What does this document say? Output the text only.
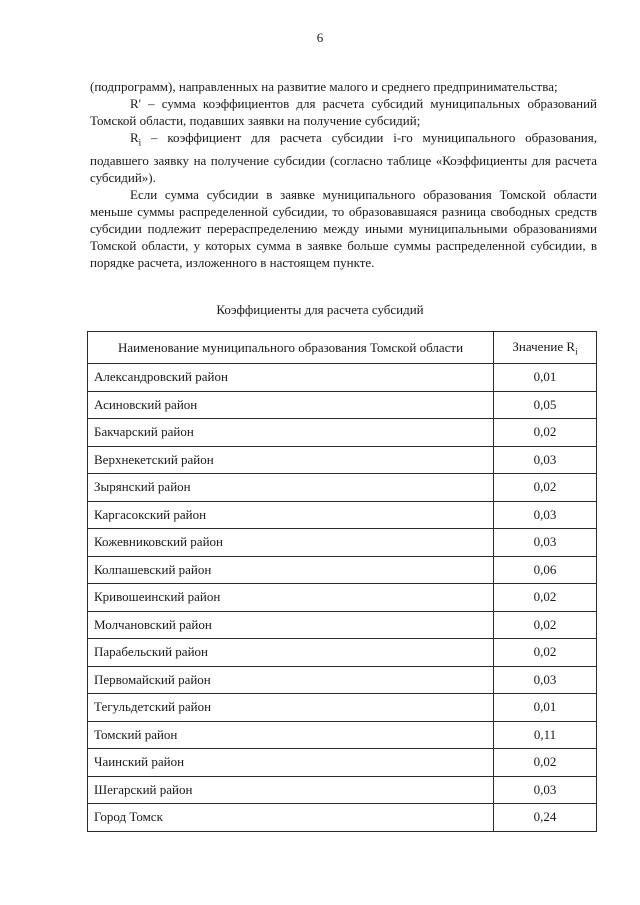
6

(подпрограмм), направленных на развитие малого и среднего предпринимательства;

R' – сумма коэффициентов для расчета субсидий муниципальных образований Томской области, подавших заявки на получение субсидий;

$R_i$ – коэффициент для расчета субсидии i-го муниципального образования, подавшего заявку на получение субсидии (согласно таблице «Коэффициенты для расчета субсидий»).

Если сумма субсидии в заявке муниципального образования Томской области меньше суммы распределенной субсидии, то образовавшаяся разница свободных средств субсидии подлежит перераспределению между иными муниципальными образованиями Томской области, у которых сумма в заявке больше суммы распределенной субсидии, в порядке расчета, изложенного в настоящем пункте.

Коэффициенты для расчета субсидий
Наименование муниципального образования Томской области	Значение $R_i$
Александровский район	0,01
Асиновский район	0,05
Бакчарский район	0,02
Верхнекетский район	0,03
Зырянский район	0,02
Каргасокский район	0,03
Кожевниковский район	0,03
Колпашевский район	0,06
Кривошеинский район	0,02
Молчановский район	0,02
Парабельский район	0,02
Первомайский район	0,03
Тегульдетский район	0,01
Томский район	0,11
Чаинский район	0,02
Шегарский район	0,03
Город Томск	0,24
